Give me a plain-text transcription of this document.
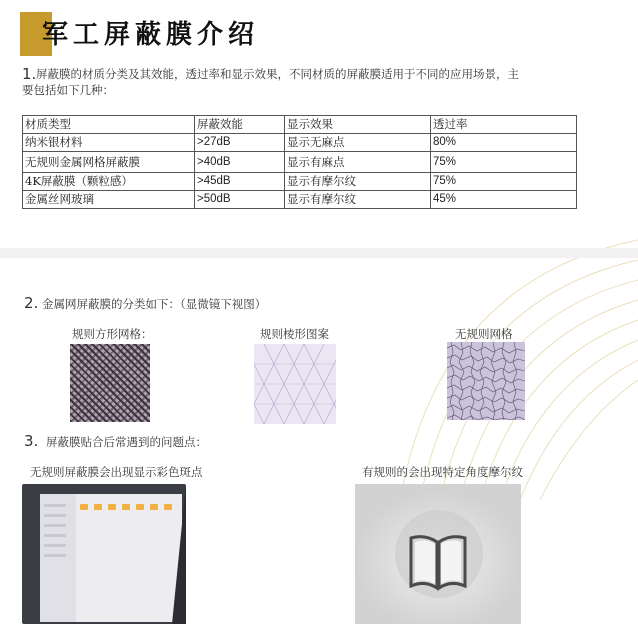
军工屏蔽膜介绍
1. 屏蔽膜的材质分类及其效能，透过率和显示效果，不同材质的屏蔽膜适用于不同的应用场景，主
要包括如下几种：
材质类型	屏蔽效能	显示效果	透过率
纳米银材料	>27dB	显示无麻点	80%
无规则金属网格屏蔽膜	>40dB	显示有麻点	75%
4K屏蔽膜（颗粒感）	>45dB	显示有摩尔纹	75%
金属丝网玻璃	>50dB	显示有摩尔纹	45%
2. 金属网屏蔽膜的分类如下：（显微镜下视图）
规则方形网格：	规则棱形图案	无规则网格
3. 屏蔽膜贴合后常遇到的问题点：
无规则屏蔽膜会出现显示彩色斑点	有规则的会出现特定角度摩尔纹
